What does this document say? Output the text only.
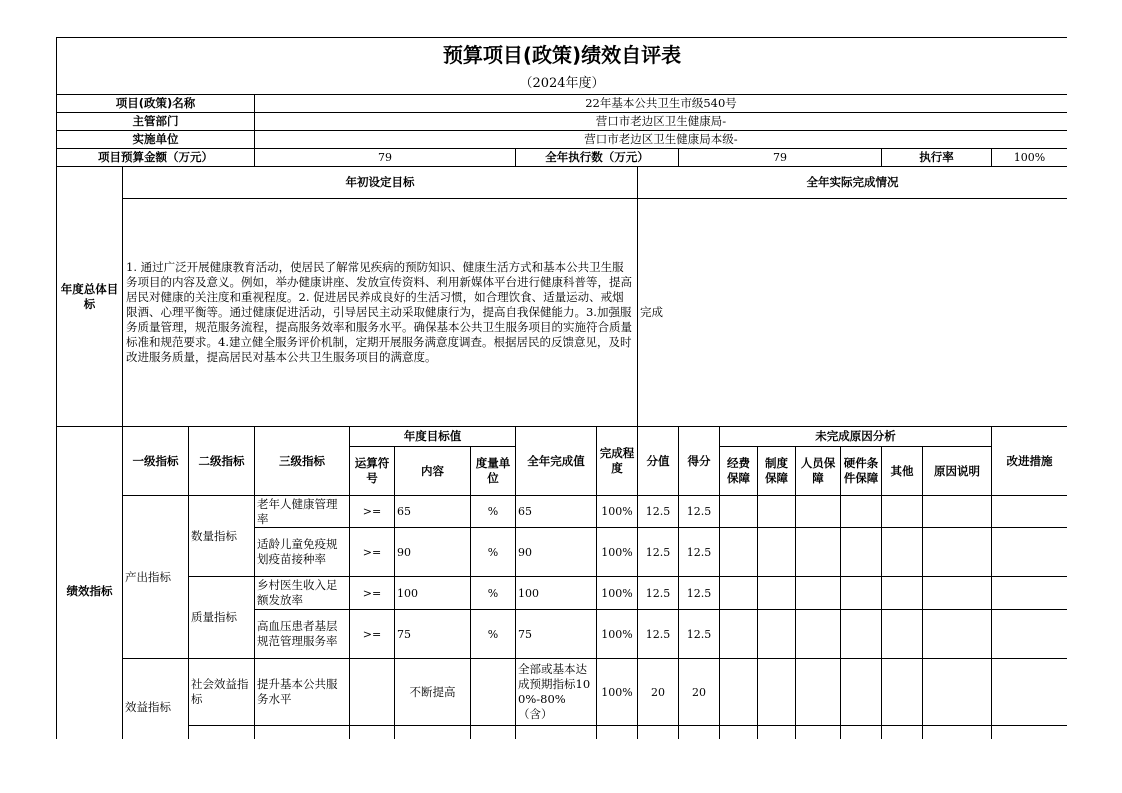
预算项目(政策)绩效自评表																	
（2024年度）																	
项目(政策)名称			22年基本公共卫生市级540号														
主管部门			营口市老边区卫生健康局-														
实施单位			营口市老边区卫生健康局本级-														
项目预算金额（万元）			79				全年执行数（万元）			79					执行率		100%
年度总体目标	年初设定目标								全年实际完成情况								
	1. 通过广泛开展健康教育活动，使居民了解常见疾病的预防知识、健康生活方式和基本公共卫生服务项目的内容及意义。例如，举办健康讲座、发放宣传资料、利用新媒体平台进行健康科普等，提高居民对健康的关注度和重视程度。2. 促进居民养成良好的生活习惯，如合理饮食、适量运动、戒烟限酒、心理平衡等。通过健康促进活动，引导居民主动采取健康行为，提高自我保健能力。3.加强服务质量管理，规范服务流程，提高服务效率和服务水平。确保基本公共卫生服务项目的实施符合质量标准和规范要求。4.建立健全服务评价机制，定期开展服务满意度调查。根据居民的反馈意见，及时改进服务质量，提高居民对基本公共卫生服务项目的满意度。								完成								
绩效指标	一级指标	二级指标	三级指标	年度目标值			全年完成值	完成程度	分值	得分	未完成原因分析						改进措施
				运算符号	内容	度量单位					经费保障	制度保障	人员保障	硬件条件保障	其他	原因说明	
	产出指标	数量指标	老年人健康管理率	>=	65	%	65	100%	12.5	12.5							
			适龄儿童免疫规划疫苗接种率	>=	90	%	90	100%	12.5	12.5							
		质量指标	乡村医生收入足额发放率	>=	100	%	100	100%	12.5	12.5							
			高血压患者基层规范管理服务率	>=	75	%	75	100%	12.5	12.5							
	效益指标	社会效益指标	提升基本公共服务水平		不断提高		全部或基本达成预期指标100%-80%（含）	100%	20	20							
